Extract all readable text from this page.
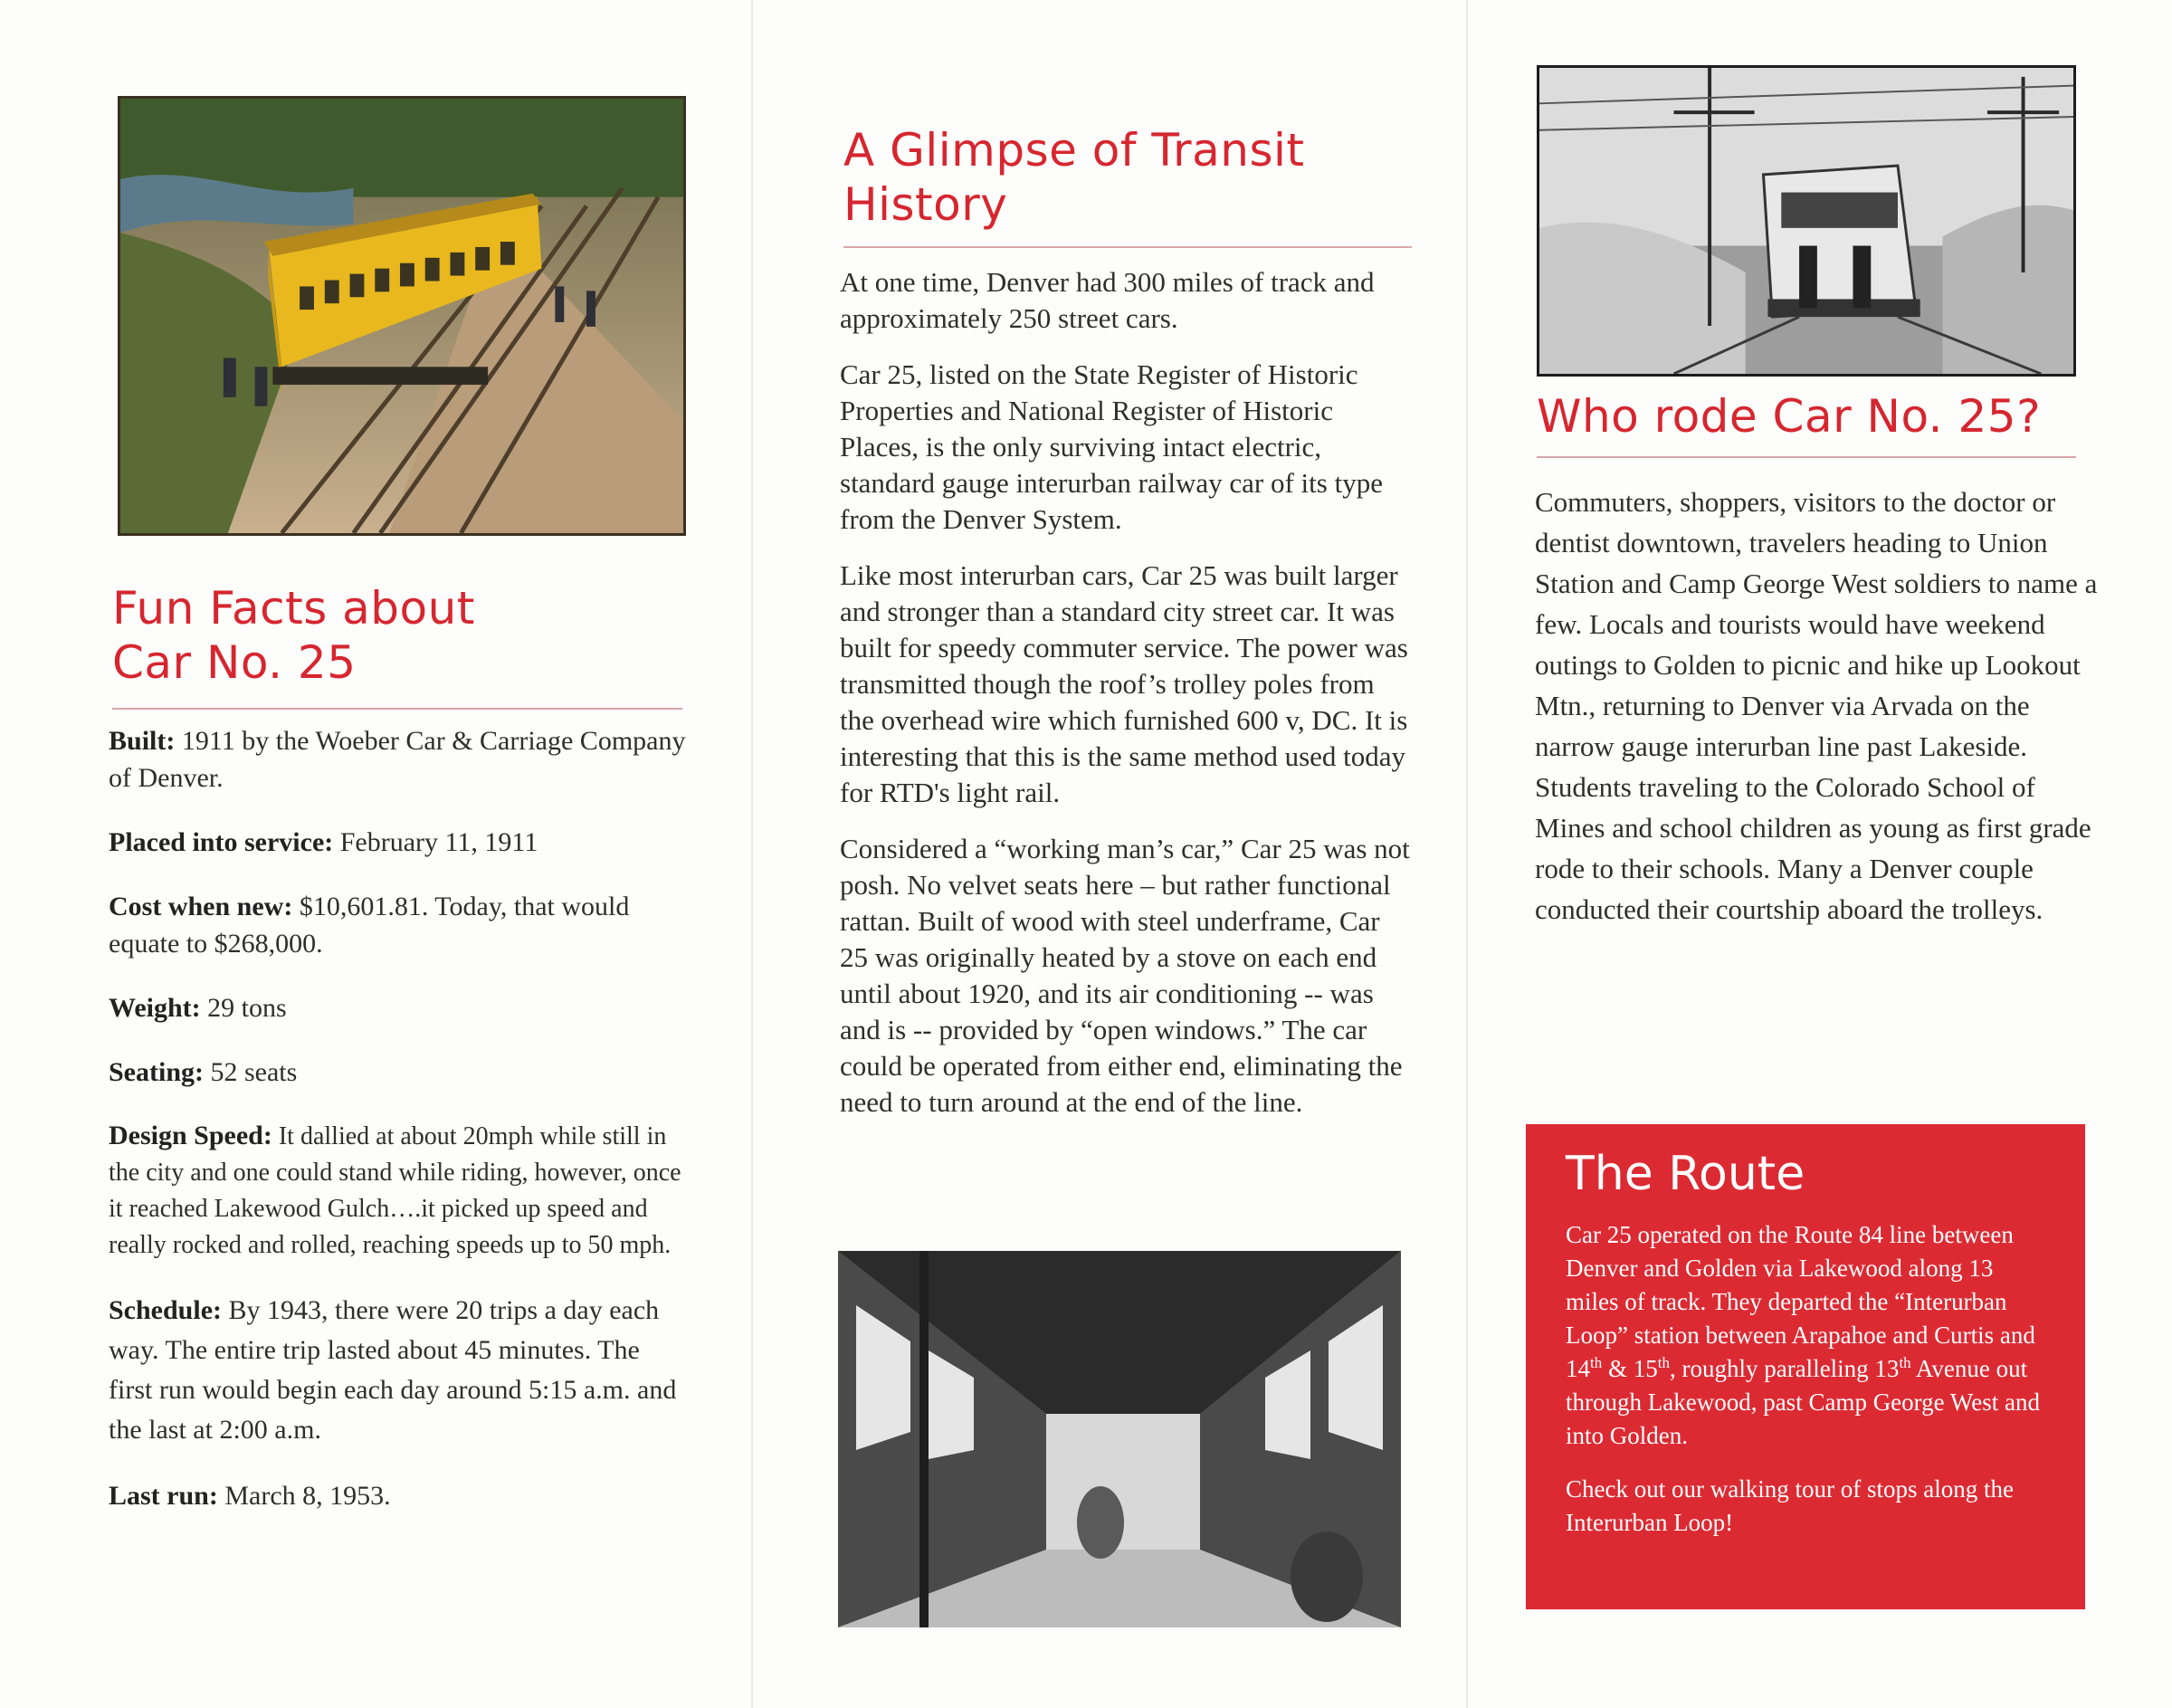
Fun Facts about
Car No. 25
Built: 1911 by the Woeber Car & Carriage Company of Denver.
Placed into service: February 11, 1911
Cost when new: $10,601.81. Today, that would equate to $268,000.
Weight: 29 tons
Seating: 52 seats
Design Speed: It dallied at about 20mph while still in the city and one could stand while riding, however, once it reached Lakewood Gulch….it picked up speed and really rocked and rolled, reaching speeds up to 50 mph.
Schedule: By 1943, there were 20 trips a day each way. The entire trip lasted about 45 minutes. The first run would begin each day around 5:15 a.m. and the last at 2:00 a.m.
Last run: March 8, 1953.
A Glimpse of Transit
History

At one time, Denver had 300 miles of track and approximately 250 street cars.

Car 25, listed on the State Register of Historic Properties and National Register of Historic Places, is the only surviving intact electric, standard gauge interurban railway car of its type from the Denver System.

Like most interurban cars, Car 25 was built larger and stronger than a standard city street car. It was built for speedy commuter service. The power was transmitted though the roof’s trolley poles from the overhead wire which furnished 600 v, DC. It is interesting that this is the same method used today for RTD's light rail.

Considered a “working man’s car,” Car 25 was not posh. No velvet seats here – but rather functional rattan. Built of wood with steel underframe, Car 25 was originally heated by a stove on each end until about 1920, and its air conditioning -- was and is -- provided by “open windows.” The car could be operated from either end, eliminating the need to turn around at the end of the line.

Who rode Car No. 25?

Commuters, shoppers, visitors to the doctor or dentist downtown, travelers heading to Union Station and Camp George West soldiers to name a few. Locals and tourists would have weekend outings to Golden to picnic and hike up Lookout Mtn., returning to Denver via Arvada on the narrow gauge interurban line past Lakeside. Students traveling to the Colorado School of Mines and school children as young as first grade rode to their schools. Many a Denver couple conducted their courtship aboard the trolleys.

The Route

Car 25 operated on the Route 84 line between Denver and Golden via Lakewood along 13 miles of track. They departed the “Interurban Loop” station between Arapahoe and Curtis and 14th & 15th, roughly paralleling 13th Avenue out through Lakewood, past Camp George West and into Golden.

Check out our walking tour of stops along the Interurban Loop!
